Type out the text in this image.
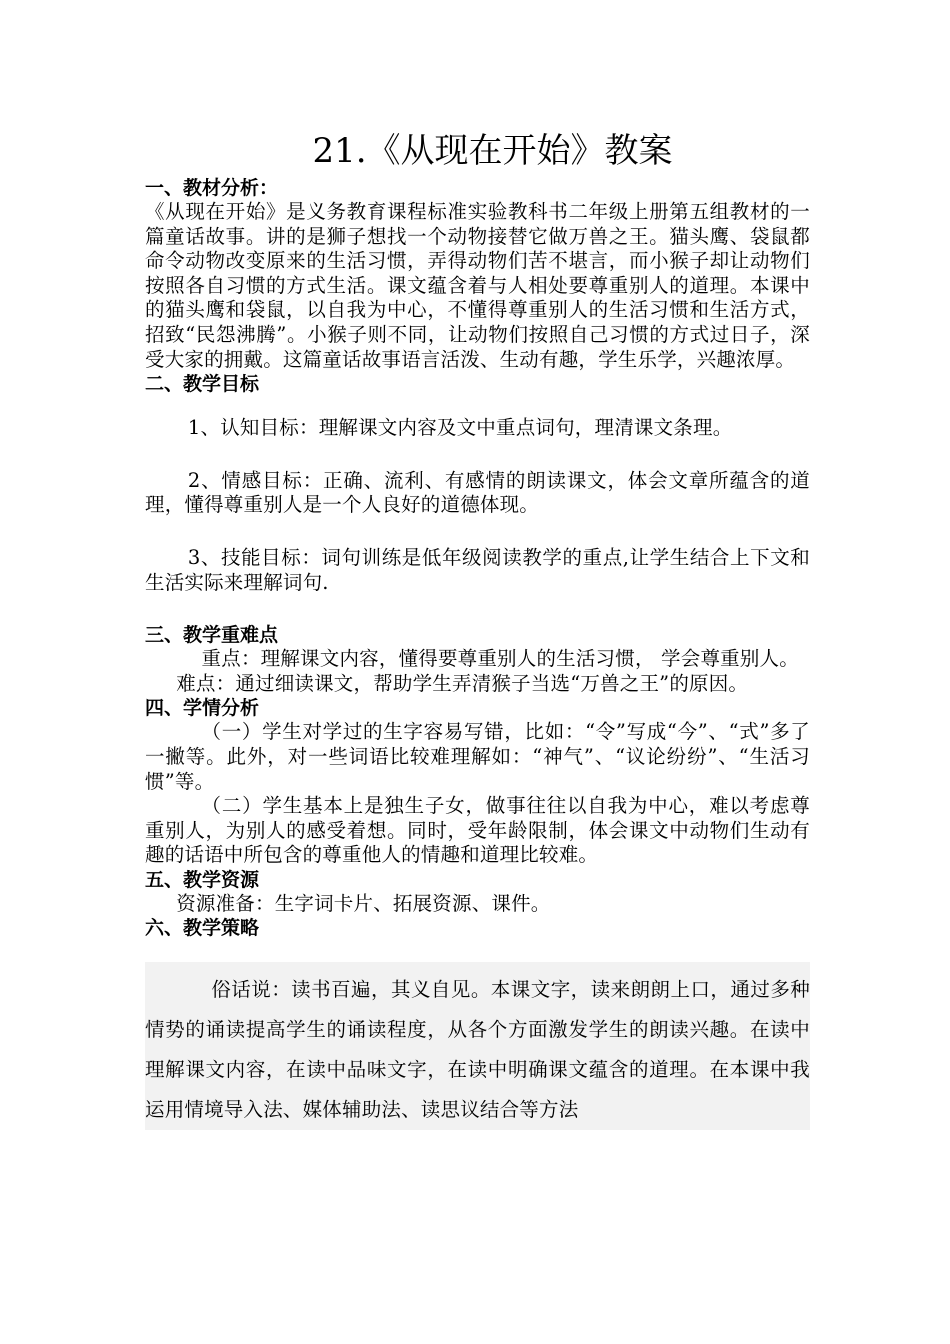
21.《从现在开始》教案
一、教材分析：

《从现在开始》是义务教育课程标准实验教科书二年级上册第五组教材的一篇童话故事。讲的是狮子想找一个动物接替它做万兽之王。猫头鹰、袋鼠都命令动物改变原来的生活习惯，弄得动物们苦不堪言，而小猴子却让动物们按照各自习惯的方式生活。课文蕴含着与人相处要尊重别人的道理。本课中的猫头鹰和袋鼠，以自我为中心，不懂得尊重别人的生活习惯和生活方式，招致“民怨沸腾”。小猴子则不同，让动物们按照自己习惯的方式过日子，深受大家的拥戴。这篇童话故事语言活泼、生动有趣，学生乐学，兴趣浓厚。

二、教学目标

1、认知目标：理解课文内容及文中重点词句，理清课文条理。

2、情感目标：正确、流利、有感情的朗读课文，体会文章所蕴含的道理，懂得尊重别人是一个人良好的道德体现。

3、技能目标：词句训练是低年级阅读教学的重点,让学生结合上下文和生活实际来理解词句.

三、教学重难点

重点：理解课文内容，懂得要尊重别人的生活习惯， 学会尊重别人。

难点：通过细读课文，帮助学生弄清猴子当选“万兽之王”的原因。

四、学情分析

（一）学生对学过的生字容易写错，比如：“令”写成“今”、“式”多了一撇等。此外，对一些词语比较难理解如：“神气”、“议论纷纷”、“生活习惯”等。

（二）学生基本上是独生子女，做事往往以自我为中心，难以考虑尊重别人，为别人的感受着想。同时，受年龄限制，体会课文中动物们生动有趣的话语中所包含的尊重他人的情趣和道理比较难。

五、教学资源

资源准备：生字词卡片、拓展资源、课件。

六、教学策略

俗话说：读书百遍，其义自见。本课文字，读来朗朗上口，通过多种情势的诵读提高学生的诵读程度，从各个方面激发学生的朗读兴趣。在读中理解课文内容，在读中品味文字，在读中明确课文蕴含的道理。在本课中我运用情境导入法、媒体辅助法、读思议结合等方法
